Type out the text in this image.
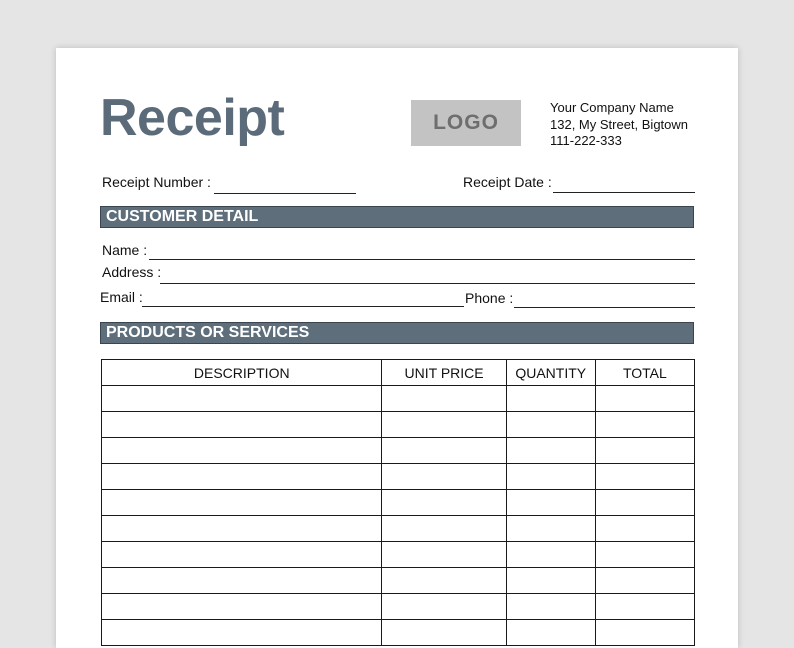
Receipt	LOGO
Your Company Name
132, My Street, Bigtown
111-222-333
Receipt Number :	Receipt Date :
CUSTOMER DETAIL
Name :
Address :
Email :	Phone :
PRODUCTS OR SERVICES
DESCRIPTION	UNIT PRICE	QUANTITY	TOTAL
